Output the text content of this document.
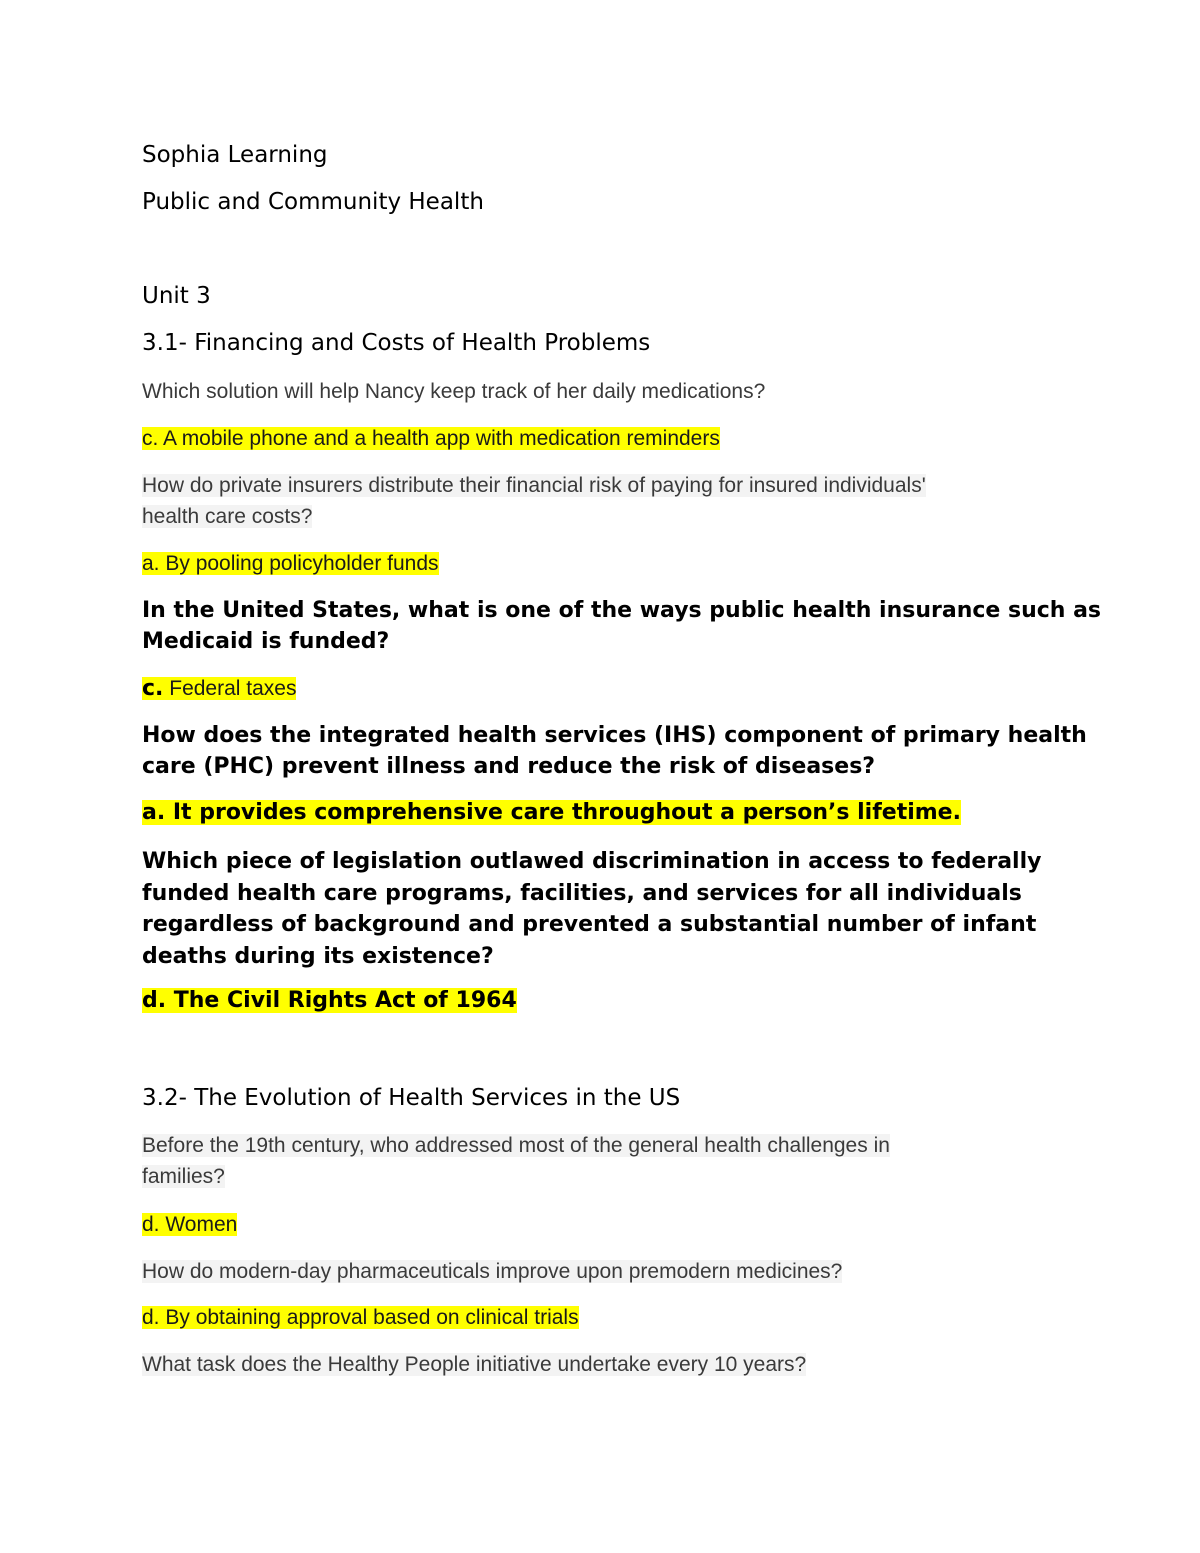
Sophia Learning

Public and Community Health

Unit 3

3.1- Financing and Costs of Health Problems

Which solution will help Nancy keep track of her daily medications?

c. A mobile phone and a health app with medication reminders

How do private insurers distribute their financial risk of paying for insured individuals'

health care costs?

a. By pooling policyholder funds

In the United States, what is one of the ways public health insurance such as

Medicaid is funded?

c. Federal taxes

How does the integrated health services (IHS) component of primary health

care (PHC) prevent illness and reduce the risk of diseases?

a. It provides comprehensive care throughout a person’s lifetime.

Which piece of legislation outlawed discrimination in access to federally

funded health care programs, facilities, and services for all individuals

regardless of background and prevented a substantial number of infant

deaths during its existence?

d. The Civil Rights Act of 1964

3.2- The Evolution of Health Services in the US

Before the 19th century, who addressed most of the general health challenges in

families?

d. Women

How do modern-day pharmaceuticals improve upon premodern medicines?

d. By obtaining approval based on clinical trials

What task does the Healthy People initiative undertake every 10 years?
